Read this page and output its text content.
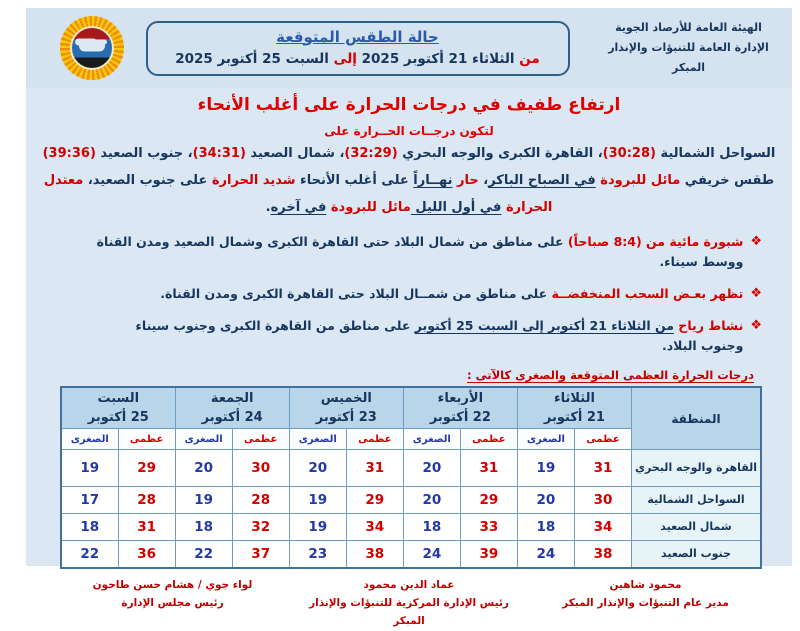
الهيئة العامة للأرصاد الجوية
الإدارة العامة للتنبؤات والإنذار المبكر
حالة الطقس المتوقعة
من الثلاثاء 21 أكتوبر 2025 إلى السبت 25 أكتوبر 2025
ارتفاع طفيف في درجات الحرارة على أغلب الأنحاء
لتكون درجــات الحــرارة على
السواحل الشمالية (30:28)، القاهرة الكبرى والوجه البحري (32:29)، شمال الصعيد (34:31)، جنوب الصعيد (39:36)
طقس خريفي مائل للبرودة في الصباح الباكر، حار نهــاراً على أغلب الأنحاء شديد الحرارة على جنوب الصعيد، معتدل الحرارة في أول الليل مائل للبرودة في آخره.
❖
شبورة مائية من (8:4 صباحاً) على مناطق من شمال البلاد حتى القاهرة الكبرى وشمال الصعيد ومدن القناة ووسط سيناء.
❖
تظهر بعـض السحب المنخفضــة على مناطق من شمــال البلاد حتى القاهرة الكبرى ومدن القناة.
❖
نشاط رياح من الثلاثاء 21 أكتوبر إلى السبت 25 أكتوبر على مناطق من القاهرة الكبرى وجنوب سيناء وجنوب البلاد.
درجات الحرارة العظمى المتوقعة والصغرى كالآتى :
المنطقة	
الثلاثاء
21 أكتوبر

الأربعاء
22 أكتوبر

الخميس
23 أكتوبر

الجمعة
24 أكتوبر

السبت
25 أكتوبر

	عظمى	الصغرى	عظمى	الصغرى	عظمى	الصغرى	عظمى	الصغرى	عظمى	الصغرى
القاهرة والوجه البحري	31	19	31	20	31	20	30	20	29	19
السواحل الشمالية	30	20	29	20	29	19	28	19	28	17
شمال الصعيد	34	18	33	18	34	19	32	18	31	18
جنوب الصعيد	38	24	39	24	38	23	37	22	36	22
محمود شاهين
مدير عام التنبؤات والإنذار المبكر
عماد الدين محمود
رئيس الإدارة المركزية للتنبؤات والإنذار المبكر
لواء جوي / هشام حسن طاحون
رئيس مجلس الإدارة
